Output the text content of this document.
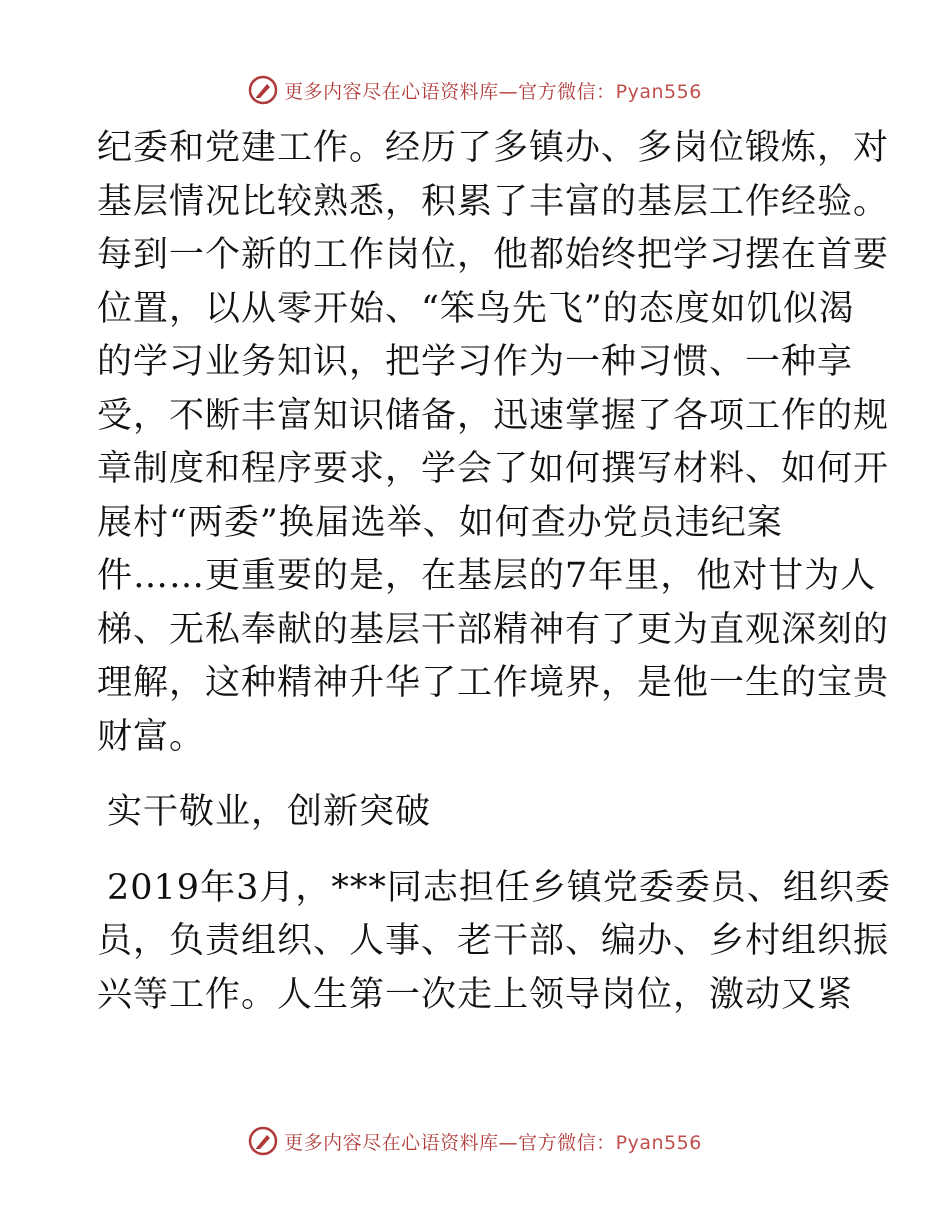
更多内容尽在心语资料库—官方微信：Pyan556
纪委和党建工作。经历了多镇办、多岗位锻炼，对
基层情况比较熟悉，积累了丰富的基层工作经验。
每到一个新的工作岗位，他都始终把学习摆在首要
位置，以从零开始、“笨鸟先飞”的态度如饥似渴
的学习业务知识，把学习作为一种习惯、一种享
受，不断丰富知识储备，迅速掌握了各项工作的规
章制度和程序要求，学会了如何撰写材料、如何开
展村“两委”换届选举、如何查办党员违纪案
件……更重要的是，在基层的7年里，他对甘为人
梯、无私奉献的基层干部精神有了更为直观深刻的
理解，这种精神升华了工作境界，是他一生的宝贵
财富。
实干敬业，创新突破
2019年3月，***同志担任乡镇党委委员、组织委
员，负责组织、人事、老干部、编办、乡村组织振
兴等工作。人生第一次走上领导岗位，激动又紧
更多内容尽在心语资料库—官方微信：Pyan556
